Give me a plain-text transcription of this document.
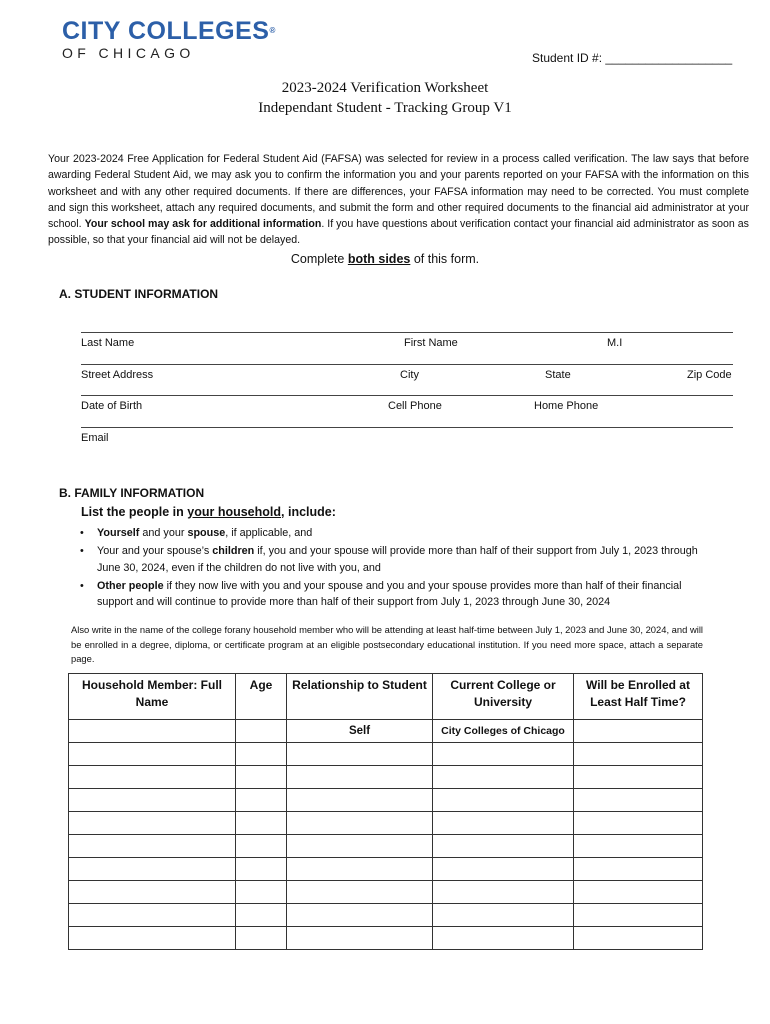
CITY COLLEGES®
OF CHICAGO	Student ID #: ___________________
2023-2024 Verification Worksheet
Independant Student - Tracking Group V1
Your 2023-2024 Free Application for Federal Student Aid (FAFSA) was selected for review in a process called verification. The law says that before awarding Federal Student Aid, we may ask you to confirm the information you and your parents reported on your FAFSA with the information on this worksheet and with any other required documents. If there are differences, your FAFSA information may need to be corrected. You must complete and sign this worksheet, attach any required documents, and submit the form and other required documents to the financial aid administrator at your school. Your school may ask for additional information. If you have questions about verification contact your financial aid administrator as soon as possible, so that your financial aid will not be delayed.
Complete both sides of this form.
A. STUDENT INFORMATION
Last Name	First Name	M.I
Street Address	City	State	Zip Code
Date of Birth	Cell Phone	Home Phone
Email
B. FAMILY INFORMATION
List the people in your household, include:
• Yourself and your spouse, if applicable, and
• Your and your spouse’s children if, you and your spouse will provide more than half of their support from July 1, 2023 through June 30, 2024, even if the children do not live with you, and
• Other people if they now live with you and your spouse and you and your spouse provides more than half of their financial support and will continue to provide more than half of their support from July 1, 2023 through June 30, 2024
Also write in the name of the college forany household member who will be attending at least half-time between July 1, 2023 and June 30, 2024, and will be enrolled in a degree, diploma, or certificate program at an eligible postsecondary educational institution. If you need more space, attach a separate page.
Household Member: Full Name	Age	Relationship to Student	Current College or University	Will be Enrolled at Least Half Time?
		Self	City Colleges of Chicago	
